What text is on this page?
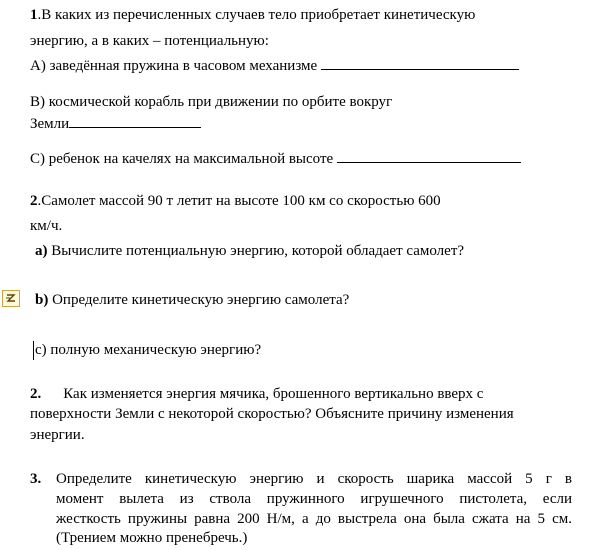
1.В каких из перечисленных случаев тело приобретает кинетическую
энергию, а в каких – потенциальную:
А) заведённая пружина в часовом механизме
В) космической корабль при движении по орбите вокруг
Земли
С) ребенок на качелях на максимальной высоте
2.Самолет массой 90 т летит на высоте 100 км со скоростью 600
км/ч.
а) Вычислите потенциальную энергию, которой обладает самолет?
b) Определите кинетическую энергию самолета?
с) полную механическую энергию?
2. Как изменяется энергия мячика, брошенного вертикально вверх с
поверхности Земли с некоторой скоростью? Объясните причину изменения
энергии.
3. Определите кинетическую энергию и скорость шарика массой 5 г в
момент вылета из ствола пружинного игрушечного пистолета, если
жесткость пружины равна 200 Н/м, а до выстрела она была сжата на 5 см.
(Трением можно пренебречь.)
